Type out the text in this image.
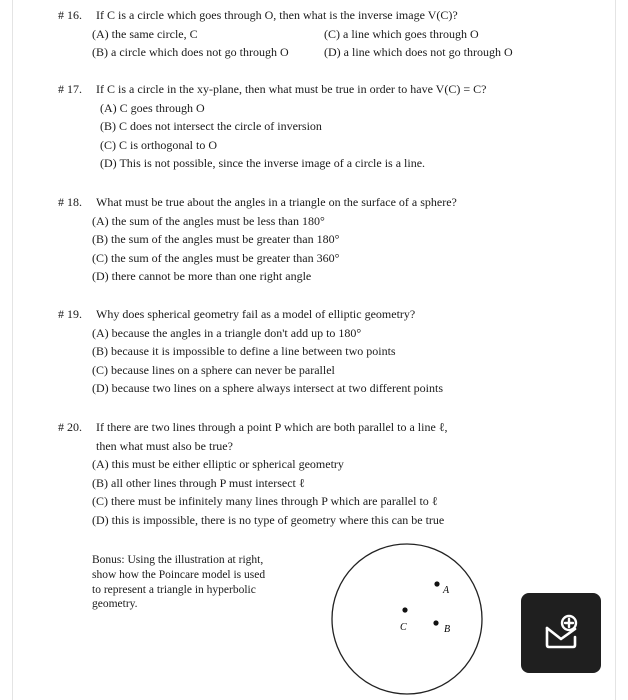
# 16. If C is a circle which goes through O, then what is the inverse image V(C)?
(A) the same circle, C	(C) a line which goes through O
(B) a circle which does not go through O	(D) a line which does not go through O
# 17. If C is a circle in the xy-plane, then what must be true in order to have V(C) = C?
(A) C goes through O
(B) C does not intersect the circle of inversion
(C) C is orthogonal to O
(D) This is not possible, since the inverse image of a circle is a line.
# 18. What must be true about the angles in a triangle on the surface of a sphere?
(A) the sum of the angles must be less than 180°
(B) the sum of the angles must be greater than 180°
(C) the sum of the angles must be greater than 360°
(D) there cannot be more than one right angle
# 19. Why does spherical geometry fail as a model of elliptic geometry?
(A) because the angles in a triangle don't add up to 180°
(B) because it is impossible to define a line between two points
(C) because lines on a sphere can never be parallel
(D) because two lines on a sphere always intersect at two different points
# 20. If there are two lines through a point P which are both parallel to a line ℓ,
then what must also be true?
(A) this must be either elliptic or spherical geometry
(B) all other lines through P must intersect ℓ
(C) there must be infinitely many lines through P which are parallel to ℓ
(D) this is impossible, there is no type of geometry where this can be true
Bonus: Using the illustration at right,
show how the Poincare model is used
to represent a triangle in hyperbolic
geometry.
A
C	B
